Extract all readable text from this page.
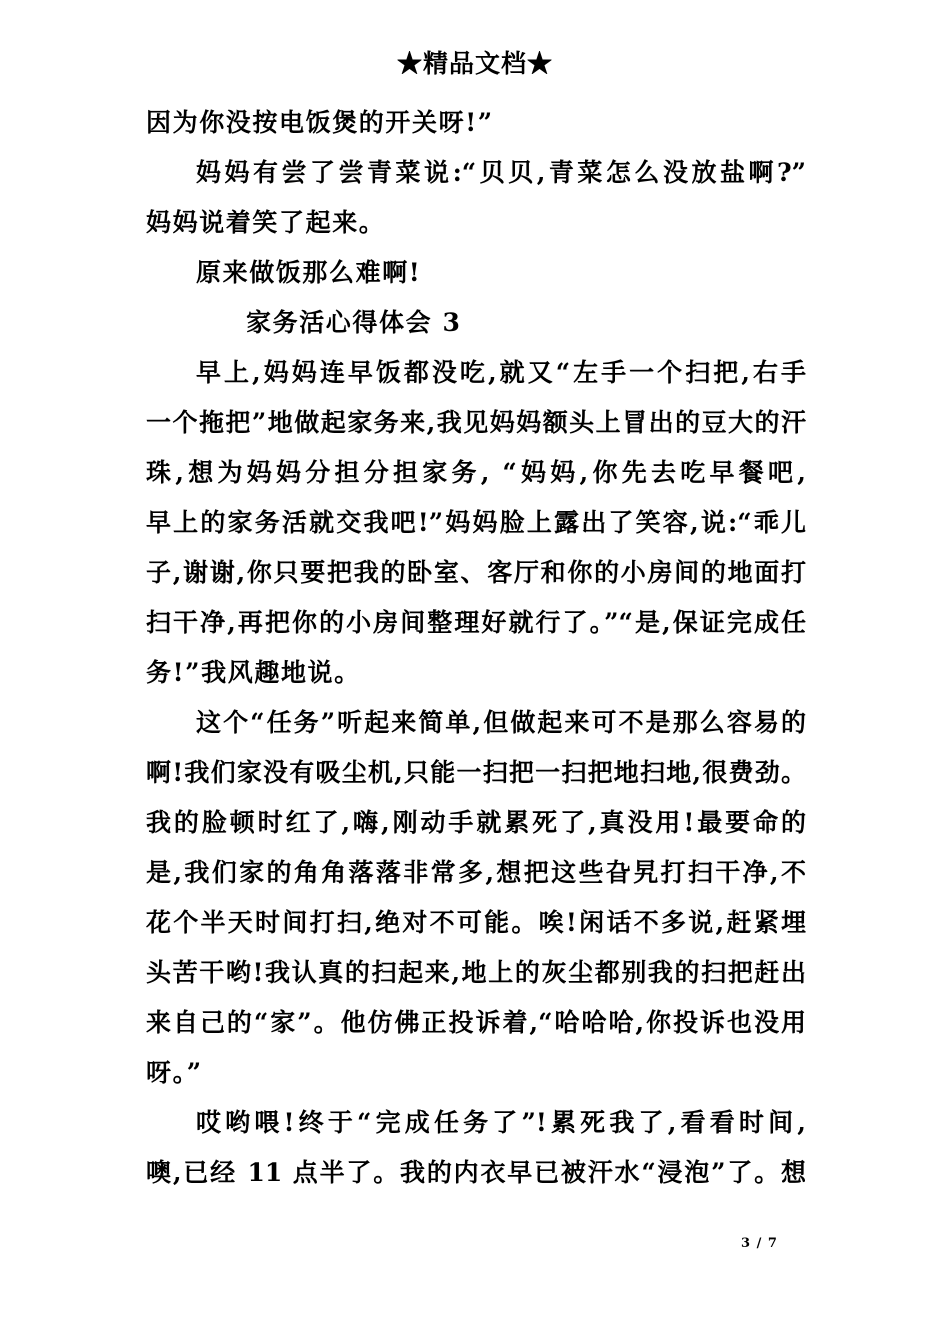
★精品文档★
因为你没按电饭煲的开关呀!”
妈妈有尝了尝青菜说:“贝贝,青菜怎么没放盐啊?”
妈妈说着笑了起来。
原来做饭那么难啊!
家务活心得体会 3
早上,妈妈连早饭都没吃,就又“左手一个扫把,右手
一个拖把”地做起家务来,我见妈妈额头上冒出的豆大的汗
珠,想为妈妈分担分担家务, “妈妈,你先去吃早餐吧,
早上的家务活就交我吧!”妈妈脸上露出了笑容,说:“乖儿
子,谢谢,你只要把我的卧室、客厅和你的小房间的地面打
扫干净,再把你的小房间整理好就行了。”“是,保证完成任
务!”我风趣地说。
这个“任务”听起来简单,但做起来可不是那么容易的
啊!我们家没有吸尘机,只能一扫把一扫把地扫地,很费劲。
我的脸顿时红了,嗨,刚动手就累死了,真没用!最要命的
是,我们家的角角落落非常多,想把这些旮旯打扫干净,不
花个半天时间打扫,绝对不可能。唉!闲话不多说,赶紧埋
头苦干哟!我认真的扫起来,地上的灰尘都别我的扫把赶出
来自己的“家”。他仿佛正投诉着,“哈哈哈,你投诉也没用
呀。”
哎哟喂!终于“完成任务了”!累死我了,看看时间,
噢,已经 11 点半了。我的内衣早已被汗水“浸泡”了。想
3 / 7
